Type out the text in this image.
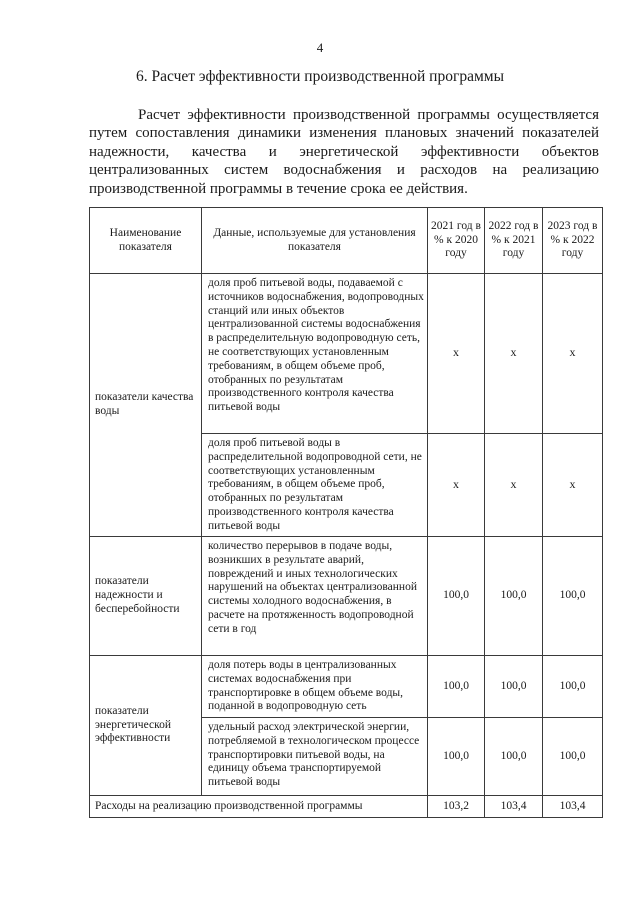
4
6. Расчет эффективности производственной программы

Расчет эффективности производственной программы осуществляется путем сопоставления динамики изменения плановых значений показателей надежности, качества и энергетической эффективности объектов централизованных систем водоснабжения и расходов на реализацию производственной программы в течение срока ее действия.

Наименование показателя	Данные, используемые для установления показателя	2021 год в % к 2020 году	2022 год в % к 2021 году	2023 год в % к 2022 году
показатели качества воды	доля проб питьевой воды, подаваемой с источников водоснабжения, водопроводных станций или иных объектов централизованной системы водоснабжения в распределительную водопроводную сеть, не соответствующих установленным требованиям, в общем объеме проб, отобранных по результатам производственного контроля качества питьевой воды	x	x	x
	доля проб питьевой воды в распределительной водопроводной сети, не соответствующих установленным требованиям, в общем объеме проб, отобранных по результатам производственного контроля качества питьевой воды	x	x	x
показатели надежности и бесперебойности	количество перерывов в подаче воды, возникших в результате аварий, повреждений и иных технологических нарушений на объектах централизованной системы холодного водоснабжения, в расчете на протяженность водопроводной сети в год	100,0	100,0	100,0
показатели энергетической эффективности	доля потерь воды в централизованных системах водоснабжения при транспортировке в общем объеме воды, поданной в водопроводную сеть	100,0	100,0	100,0
	удельный расход электрической энергии, потребляемой в технологическом процессе транспортировки питьевой воды, на единицу объема транспортируемой питьевой воды	100,0	100,0	100,0
Расходы на реализацию производственной программы		103,2	103,4	103,4
